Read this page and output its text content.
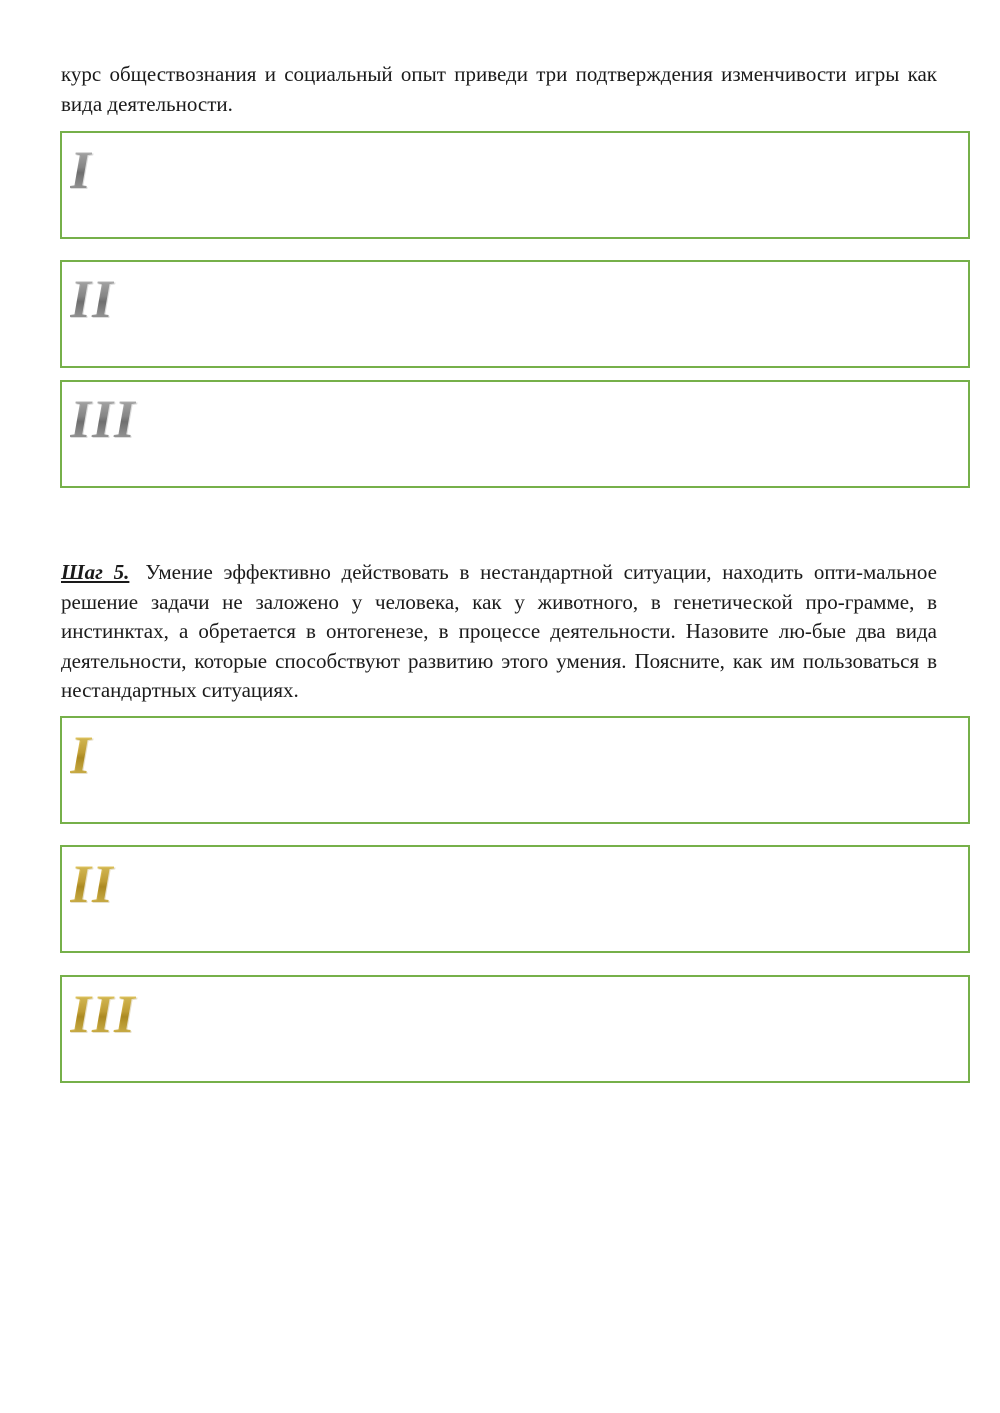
курс обществознания и социальный опыт приведи три подтверждения изменчивости игры как вида деятельности.

I
II
III

Шаг 5. Умение эффективно действовать в нестандартной ситуации, находить опти-мальное решение задачи не заложено у человека, как у животного, в генетической про-грамме, в инстинктах, а обретается в онтогенезе, в процессе деятельности. Назовите лю-бые два вида деятельности, которые способствуют развитию этого умения. Поясните, как им пользоваться в нестандартных ситуациях.

I
II
III
